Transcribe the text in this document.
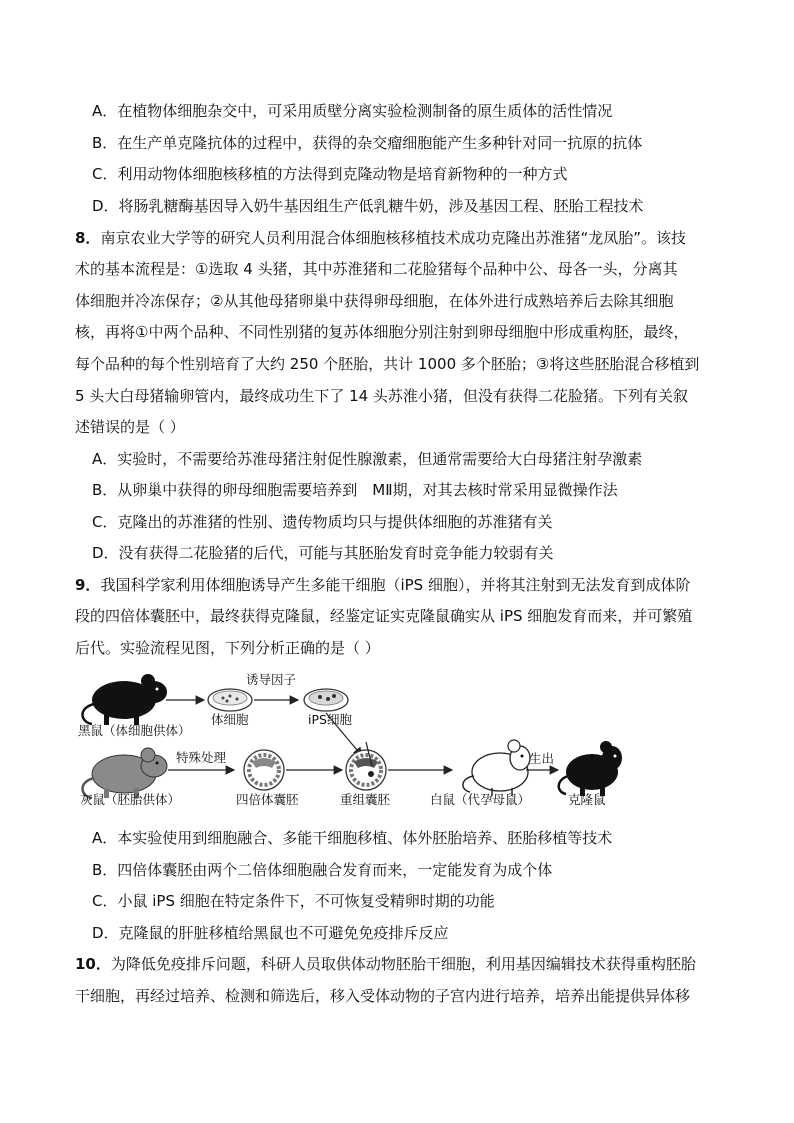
A．在植物体细胞杂交中，可采用质壁分离实验检测制备的原生质体的活性情况
B．在生产单克隆抗体的过程中，获得的杂交瘤细胞能产生多种针对同一抗原的抗体
C．利用动物体细胞核移植的方法得到克隆动物是培育新物种的一种方式
D．将肠乳糖酶基因导入奶牛基因组生产低乳糖牛奶，涉及基因工程、胚胎工程技术
8．南京农业大学等的研究人员利用混合体细胞核移植技术成功克隆出苏淮猪“龙凤胎”。该技
术的基本流程是：①选取 4 头猪，其中苏淮猪和二花脸猪每个品种中公、母各一头，分离其
体细胞并冷冻保存；②从其他母猪卵巢中获得卵母细胞，在体外进行成熟培养后去除其细胞
核，再将①中两个品种、不同性别猪的复苏体细胞分别注射到卵母细胞中形成重构胚，最终，
每个品种的每个性别培育了大约 250 个胚胎，共计 1000 多个胚胎；③将这些胚胎混合移植到
5 头大白母猪输卵管内，最终成功生下了 14 头苏淮小猪，但没有获得二花脸猪。下列有关叙
述错误的是（ ）
A．实验时，不需要给苏淮母猪注射促性腺激素，但通常需要给大白母猪注射孕激素
B．从卵巢中获得的卵母细胞需要培养到　MⅡ期，对其去核时常采用显微操作法
C．克隆出的苏淮猪的性别、遗传物质均只与提供体细胞的苏淮猪有关
D．没有获得二花脸猪的后代，可能与其胚胎发育时竞争能力较弱有关
9．我国科学家利用体细胞诱导产生多能干细胞（iPS 细胞），并将其注射到无法发育到成体阶
段的四倍体囊胚中，最终获得克隆鼠，经鉴定证实克隆鼠确实从 iPS 细胞发育而来，并可繁殖
后代。实验流程见图，下列分析正确的是（ ）
黑鼠（体细胞供体）
体细胞
诱导因子
iPS细胞
灰鼠（胚胎供体）
特殊处理
四倍体囊胚	重组囊胚	白鼠（代孕母鼠）
生出
克隆鼠
A．本实验使用到细胞融合、多能干细胞移植、体外胚胎培养、胚胎移植等技术
B．四倍体囊胚由两个二倍体细胞融合发育而来，一定能发育为成个体
C．小鼠 iPS 细胞在特定条件下，不可恢复受精卵时期的功能
D．克隆鼠的肝脏移植给黑鼠也不可避免免疫排斥反应
10．为降低免疫排斥问题，科研人员取供体动物胚胎干细胞，利用基因编辑技术获得重构胚胎
干细胞，再经过培养、检测和筛选后，移入受体动物的子宫内进行培养，培养出能提供异体移
